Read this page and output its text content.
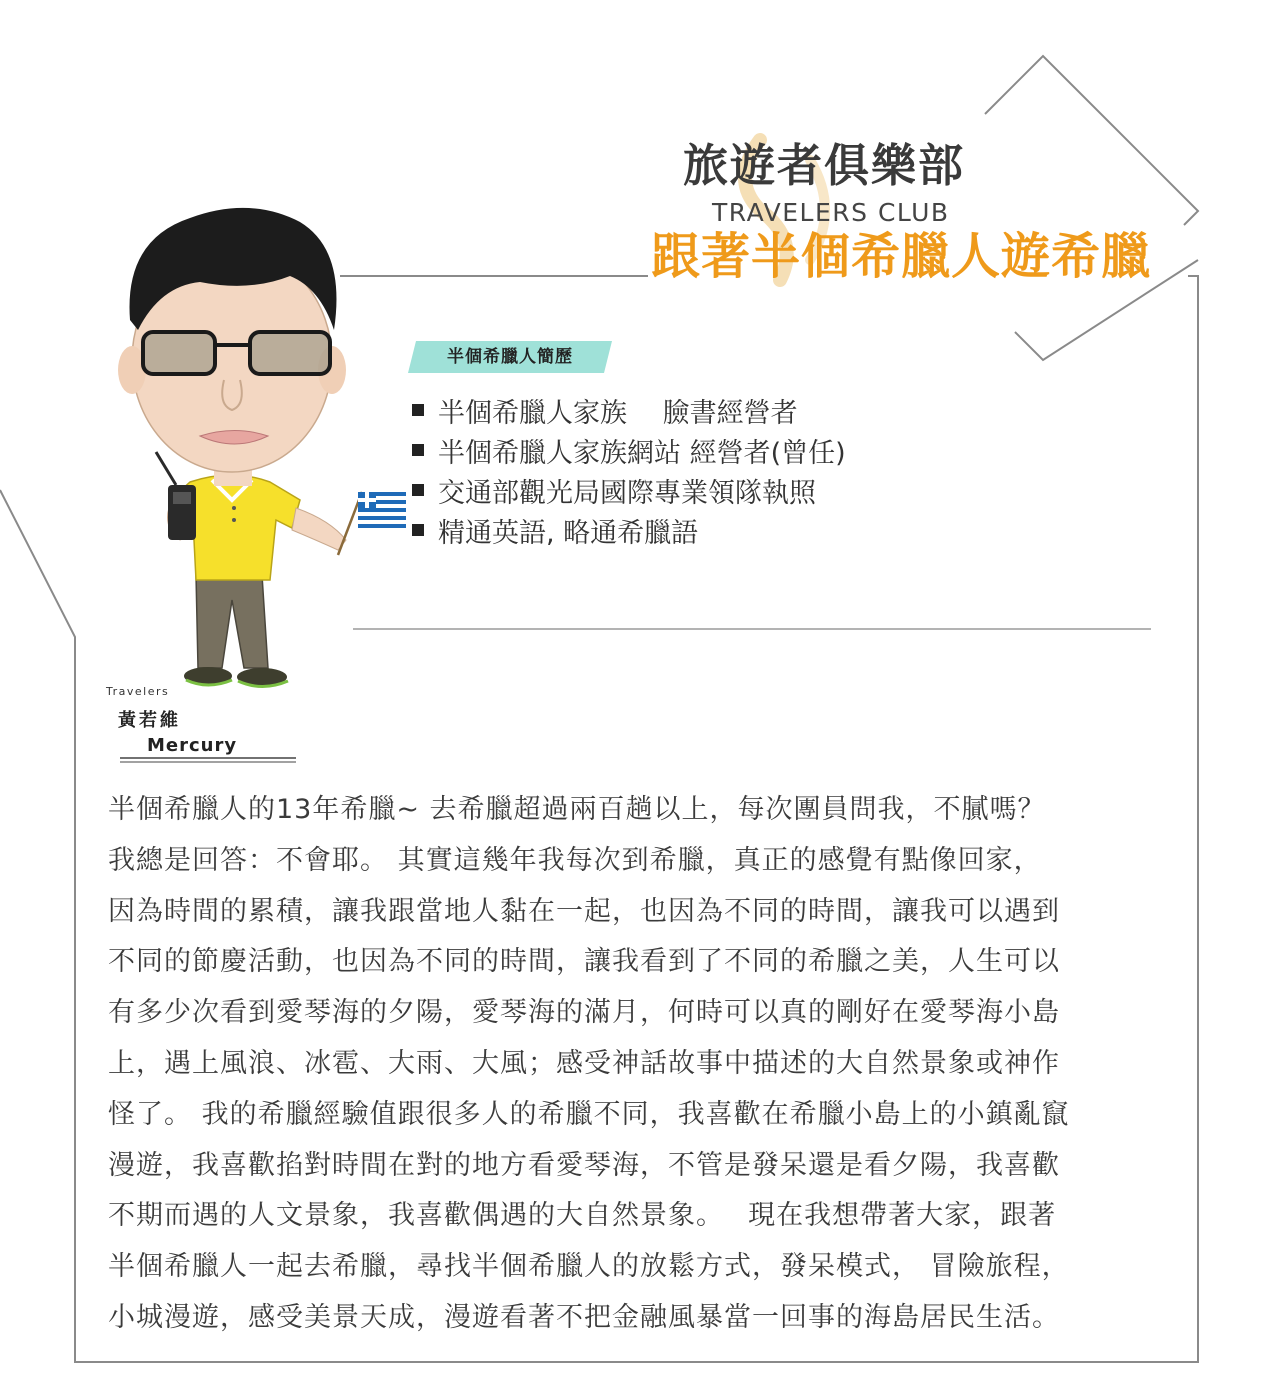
旅遊者俱樂部
TRAVELERS CLUB
跟著半個希臘人遊希臘
半個希臘人簡歷
半個希臘人家族　 臉書經營者
半個希臘人家族網站 經營者(曾任)
交通部觀光局國際專業領隊執照
精通英語, 略通希臘語
Travelers
黃若維
Mercury
半個希臘人的13年希臘~ 去希臘超過兩百趟以上，每次團員問我，不膩嗎？
我總是回答：不會耶。 其實這幾年我每次到希臘，真正的感覺有點像回家，
因為時間的累積，讓我跟當地人黏在一起，也因為不同的時間，讓我可以遇到
不同的節慶活動，也因為不同的時間，讓我看到了不同的希臘之美，人生可以
有多少次看到愛琴海的夕陽，愛琴海的滿月，何時可以真的剛好在愛琴海小島
上，遇上風浪、冰雹、大雨、大風；感受神話故事中描述的大自然景象或神作
怪了。 我的希臘經驗值跟很多人的希臘不同，我喜歡在希臘小島上的小鎮亂竄
漫遊，我喜歡掐對時間在對的地方看愛琴海，不管是發呆還是看夕陽，我喜歡
不期而遇的人文景象，我喜歡偶遇的大自然景象。　 現在我想帶著大家，跟著
半個希臘人一起去希臘，尋找半個希臘人的放鬆方式，發呆模式， 冒險旅程，
小城漫遊，感受美景天成，漫遊看著不把金融風暴當一回事的海島居民生活。
